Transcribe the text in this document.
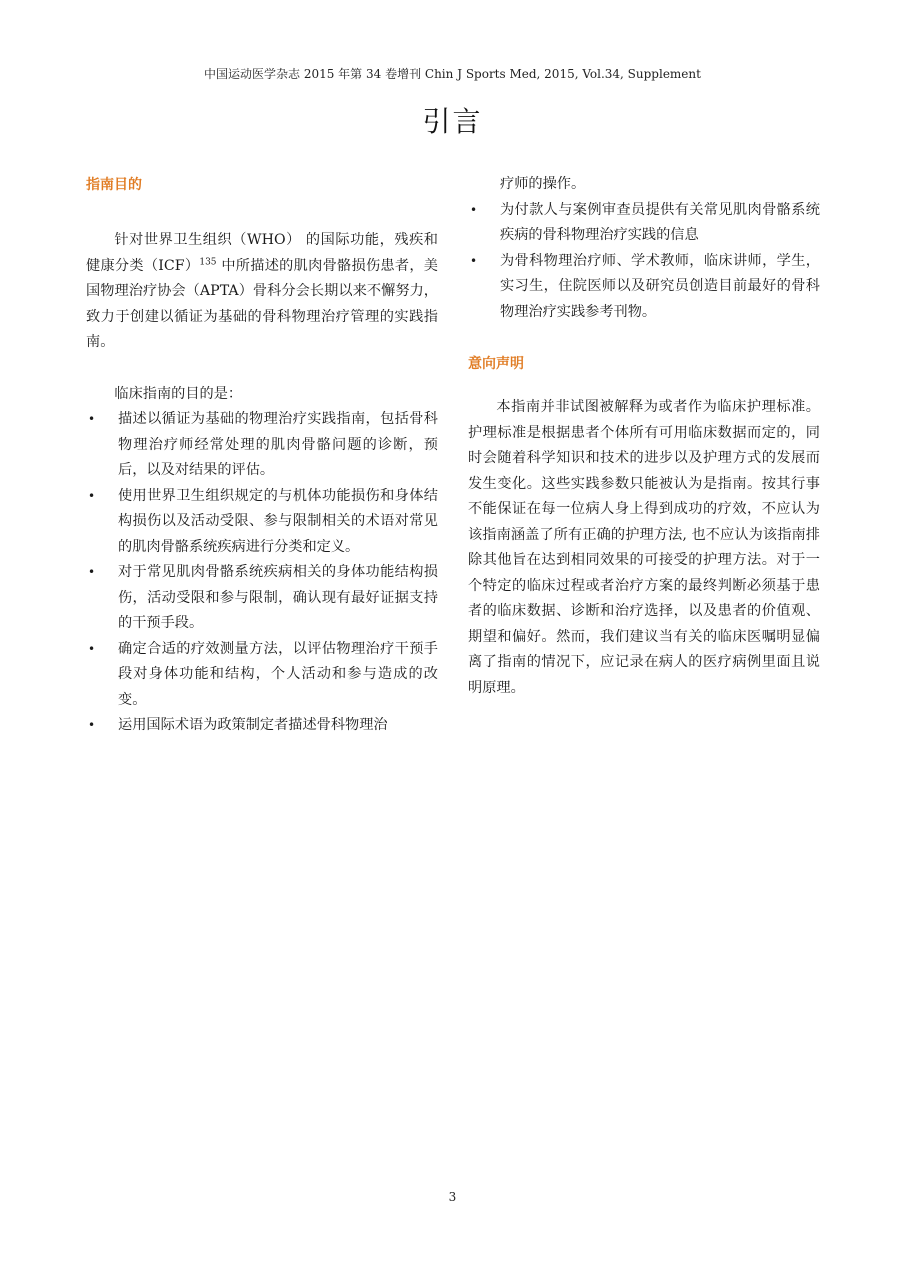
中国运动医学杂志 2015 年第 34 卷增刊 Chin J Sports Med, 2015, Vol.34, Supplement
引言
指南目的

针对世界卫生组织（WHO） 的国际功能，残疾和健康分类（ICF）$^{135}$ 中所描述的肌肉骨骼损伤患者，美国物理治疗协会（APTA）骨科分会长期以来不懈努力，致力于创建以循证为基础的骨科物理治疗管理的实践指南。

临床指南的目的是：

• 描述以循证为基础的物理治疗实践指南，包括骨科物理治疗师经常处理的肌肉骨骼问题的诊断，预后，以及对结果的评估。
• 使用世界卫生组织规定的与机体功能损伤和身体结构损伤以及活动受限、参与限制相关的术语对常见的肌肉骨骼系统疾病进行分类和定义。
• 对于常见肌肉骨骼系统疾病相关的身体功能结构损伤，活动受限和参与限制，确认现有最好证据支持的干预手段。
• 确定合适的疗效测量方法，以评估物理治疗干预手段对身体功能和结构，个人活动和参与造成的改变。
• 运用国际术语为政策制定者描述骨科物理治

疗师的操作。

• 为付款人与案例审查员提供有关常见肌肉骨骼系统疾病的骨科物理治疗实践的信息
• 为骨科物理治疗师、学术教师，临床讲师，学生，实习生，住院医师以及研究员创造目前最好的骨科物理治疗实践参考刊物。
意向声明

本指南并非试图被解释为或者作为临床护理标准。护理标准是根据患者个体所有可用临床数据而定的，同时会随着科学知识和技术的进步以及护理方式的发展而发生变化。这些实践参数只能被认为是指南。按其行事不能保证在每一位病人身上得到成功的疗效，不应认为该指南涵盖了所有正确的护理方法, 也不应认为该指南排除其他旨在达到相同效果的可接受的护理方法。对于一个特定的临床过程或者治疗方案的最终判断必须基于患者的临床数据、诊断和治疗选择，以及患者的价值观、期望和偏好。然而，我们建议当有关的临床医嘱明显偏离了指南的情况下，应记录在病人的医疗病例里面且说明原理。

3
